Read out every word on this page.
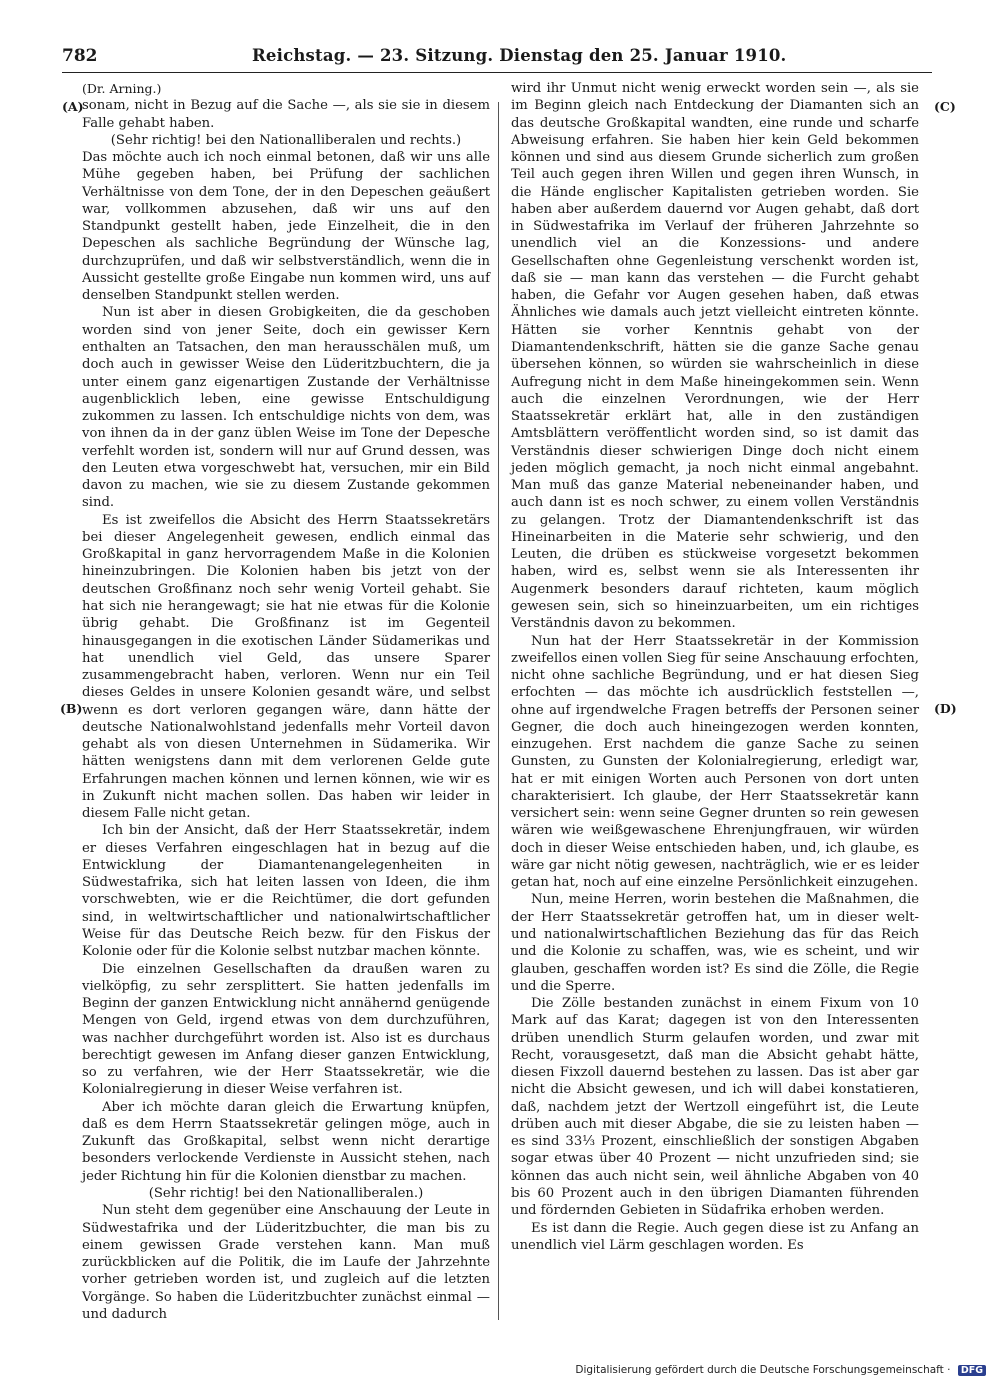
782	Reichstag. — 23. Sitzung. Dienstag den 25. Januar 1910.
(A)
(B)
(C)
(D)

(Dr. Arning.)

sonam, nicht in Bezug auf die Sache —, als sie sie in diesem Falle gehabt haben.

(Sehr richtig! bei den Nationalliberalen und rechts.)

Das möchte auch ich noch einmal betonen, daß wir uns alle Mühe gegeben haben, bei Prüfung der sachlichen Verhältnisse von dem Tone, der in den Depeschen geäußert war, vollkommen abzusehen, daß wir uns auf den Standpunkt gestellt haben, jede Einzelheit, die in den Depeschen als sachliche Begründung der Wünsche lag, durchzuprüfen, und daß wir selbstverständlich, wenn die in Aussicht gestellte große Eingabe nun kommen wird, uns auf denselben Standpunkt stellen werden.

Nun ist aber in diesen Grobigkeiten, die da geschoben worden sind von jener Seite, doch ein gewisser Kern enthalten an Tatsachen, den man herausschälen muß, um doch auch in gewisser Weise den Lüderitzbuchtern, die ja unter einem ganz eigenartigen Zustande der Verhältnisse augenblicklich leben, eine gewisse Entschuldigung zukommen zu lassen. Ich entschuldige nichts von dem, was von ihnen da in der ganz üblen Weise im Tone der Depesche verfehlt worden ist, sondern will nur auf Grund dessen, was den Leuten etwa vorgeschwebt hat, versuchen, mir ein Bild davon zu machen, wie sie zu diesem Zustande gekommen sind.

Es ist zweifellos die Absicht des Herrn Staatssekretärs bei dieser Angelegenheit gewesen, endlich einmal das Großkapital in ganz hervorragendem Maße in die Kolonien hineinzubringen. Die Kolonien haben bis jetzt von der deutschen Großfinanz noch sehr wenig Vorteil gehabt. Sie hat sich nie herangewagt; sie hat nie etwas für die Kolonie übrig gehabt. Die Großfinanz ist im Gegenteil hinausgegangen in die exotischen Länder Südamerikas und hat unendlich viel Geld, das unsere Sparer zusammengebracht haben, verloren. Wenn nur ein Teil dieses Geldes in unsere Kolonien gesandt wäre, und selbst wenn es dort verloren gegangen wäre, dann hätte der deutsche Nationalwohlstand jedenfalls mehr Vorteil davon gehabt als von diesen Unternehmen in Südamerika. Wir hätten wenigstens dann mit dem verlorenen Gelde gute Erfahrungen machen können und lernen können, wie wir es in Zukunft nicht machen sollen. Das haben wir leider in diesem Falle nicht getan.

Ich bin der Ansicht, daß der Herr Staatssekretär, indem er dieses Verfahren eingeschlagen hat in bezug auf die Entwicklung der Diamantenangelegenheiten in Südwestafrika, sich hat leiten lassen von Ideen, die ihm vorschwebten, wie er die Reichtümer, die dort gefunden sind, in weltwirtschaftlicher und nationalwirtschaftlicher Weise für das Deutsche Reich bezw. für den Fiskus der Kolonie oder für die Kolonie selbst nutzbar machen könnte.

Die einzelnen Gesellschaften da draußen waren zu vielköpfig, zu sehr zersplittert. Sie hatten jedenfalls im Beginn der ganzen Entwicklung nicht annähernd genügende Mengen von Geld, irgend etwas von dem durchzuführen, was nachher durchgeführt worden ist. Also ist es durchaus berechtigt gewesen im Anfang dieser ganzen Entwicklung, so zu verfahren, wie der Herr Staatssekretär, wie die Kolonialregierung in dieser Weise verfahren ist.

Aber ich möchte daran gleich die Erwartung knüpfen, daß es dem Herrn Staatssekretär gelingen möge, auch in Zukunft das Großkapital, selbst wenn nicht derartige besonders verlockende Verdienste in Aussicht stehen, nach jeder Richtung hin für die Kolonien dienstbar zu machen.

(Sehr richtig! bei den Nationalliberalen.)

Nun steht dem gegenüber eine Anschauung der Leute in Südwestafrika und der Lüderitzbuchter, die man bis zu einem gewissen Grade verstehen kann. Man muß zurückblicken auf die Politik, die im Laufe der Jahrzehnte vorher getrieben worden ist, und zugleich auf die letzten Vorgänge. So haben die Lüderitzbuchter zunächst einmal — und dadurch

wird ihr Unmut nicht wenig erweckt worden sein —, als sie im Beginn gleich nach Entdeckung der Diamanten sich an das deutsche Großkapital wandten, eine runde und scharfe Abweisung erfahren. Sie haben hier kein Geld bekommen können und sind aus diesem Grunde sicherlich zum großen Teil auch gegen ihren Willen und gegen ihren Wunsch, in die Hände englischer Kapitalisten getrieben worden. Sie haben aber außerdem dauernd vor Augen gehabt, daß dort in Südwestafrika im Verlauf der früheren Jahrzehnte so unendlich viel an die Konzessions- und andere Gesellschaften ohne Gegenleistung verschenkt worden ist, daß sie — man kann das verstehen — die Furcht gehabt haben, die Gefahr vor Augen gesehen haben, daß etwas Ähnliches wie damals auch jetzt vielleicht eintreten könnte. Hätten sie vorher Kenntnis gehabt von der Diamantendenkschrift, hätten sie die ganze Sache genau übersehen können, so würden sie wahrscheinlich in diese Aufregung nicht in dem Maße hineingekommen sein. Wenn auch die einzelnen Verordnungen, wie der Herr Staatssekretär erklärt hat, alle in den zuständigen Amtsblättern veröffentlicht worden sind, so ist damit das Verständnis dieser schwierigen Dinge doch nicht einem jeden möglich gemacht, ja noch nicht einmal angebahnt. Man muß das ganze Material nebeneinander haben, und auch dann ist es noch schwer, zu einem vollen Verständnis zu gelangen. Trotz der Diamantendenkschrift ist das Hineinarbeiten in die Materie sehr schwierig, und den Leuten, die drüben es stückweise vorgesetzt bekommen haben, wird es, selbst wenn sie als Interessenten ihr Augenmerk besonders darauf richteten, kaum möglich gewesen sein, sich so hineinzuarbeiten, um ein richtiges Verständnis davon zu bekommen.

Nun hat der Herr Staatssekretär in der Kommission zweifellos einen vollen Sieg für seine Anschauung erfochten, nicht ohne sachliche Begründung, und er hat diesen Sieg erfochten — das möchte ich ausdrücklich feststellen —, ohne auf irgendwelche Fragen betreffs der Personen seiner Gegner, die doch auch hineingezogen werden konnten, einzugehen. Erst nachdem die ganze Sache zu seinen Gunsten, zu Gunsten der Kolonialregierung, erledigt war, hat er mit einigen Worten auch Personen von dort unten charakterisiert. Ich glaube, der Herr Staatssekretär kann versichert sein: wenn seine Gegner drunten so rein gewesen wären wie weißgewaschene Ehrenjungfrauen, wir würden doch in dieser Weise entschieden haben, und, ich glaube, es wäre gar nicht nötig gewesen, nachträglich, wie er es leider getan hat, noch auf eine einzelne Persönlichkeit einzugehen.

Nun, meine Herren, worin bestehen die Maßnahmen, die der Herr Staatssekretär getroffen hat, um in dieser welt- und nationalwirtschaftlichen Beziehung das für das Reich und die Kolonie zu schaffen, was, wie es scheint, und wir glauben, geschaffen worden ist? Es sind die Zölle, die Regie und die Sperre.

Die Zölle bestanden zunächst in einem Fixum von 10 Mark auf das Karat; dagegen ist von den Interessenten drüben unendlich Sturm gelaufen worden, und zwar mit Recht, vorausgesetzt, daß man die Absicht gehabt hätte, diesen Fixzoll dauernd bestehen zu lassen. Das ist aber gar nicht die Absicht gewesen, und ich will dabei konstatieren, daß, nachdem jetzt der Wertzoll eingeführt ist, die Leute drüben auch mit dieser Abgabe, die sie zu leisten haben — es sind 33⅓ Prozent, einschließlich der sonstigen Abgaben sogar etwas über 40 Prozent — nicht unzufrieden sind; sie können das auch nicht sein, weil ähnliche Abgaben von 40 bis 60 Prozent auch in den übrigen Diamanten führenden und fördernden Gebieten in Südafrika erhoben werden.

Es ist dann die Regie. Auch gegen diese ist zu Anfang an unendlich viel Lärm geschlagen worden. Es

Digitalisierung gefördert durch die Deutsche Forschungsgemeinschaft · DFG
